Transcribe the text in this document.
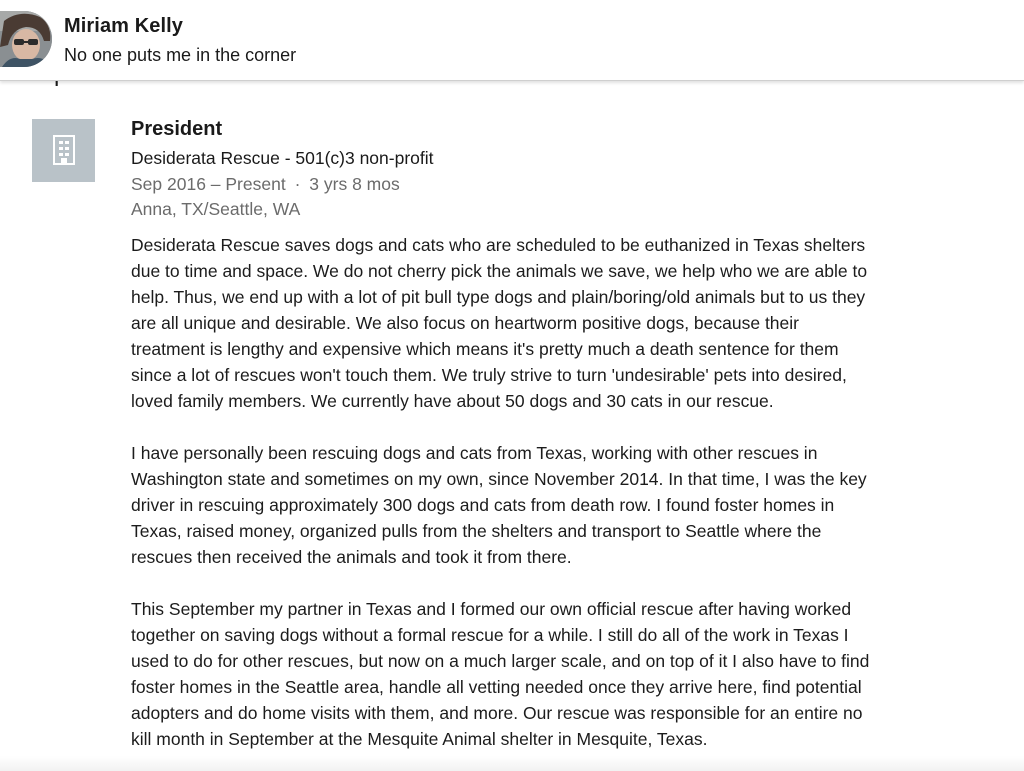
Miriam Kelly
No one puts me in the corner
President
Desiderata Rescue - 501(c)3 non-profit
Sep 2016 – Present · 3 yrs 8 mos
Anna, TX/Seattle, WA

Desiderata Rescue saves dogs and cats who are scheduled to be euthanized in Texas shelters
due to time and space. We do not cherry pick the animals we save, we help who we are able to
help. Thus, we end up with a lot of pit bull type dogs and plain/boring/old animals but to us they
are all unique and desirable. We also focus on heartworm positive dogs, because their
treatment is lengthy and expensive which means it's pretty much a death sentence for them
since a lot of rescues won't touch them. We truly strive to turn 'undesirable' pets into desired,
loved family members. We currently have about 50 dogs and 30 cats in our rescue.

I have personally been rescuing dogs and cats from Texas, working with other rescues in
Washington state and sometimes on my own, since November 2014. In that time, I was the key
driver in rescuing approximately 300 dogs and cats from death row. I found foster homes in
Texas, raised money, organized pulls from the shelters and transport to Seattle where the
rescues then received the animals and took it from there.

This September my partner in Texas and I formed our own official rescue after having worked
together on saving dogs without a formal rescue for a while. I still do all of the work in Texas I
used to do for other rescues, but now on a much larger scale, and on top of it I also have to find
foster homes in the Seattle area, handle all vetting needed once they arrive here, find potential
adopters and do home visits with them, and more. Our rescue was responsible for an entire no
kill month in September at the Mesquite Animal shelter in Mesquite, Texas.
